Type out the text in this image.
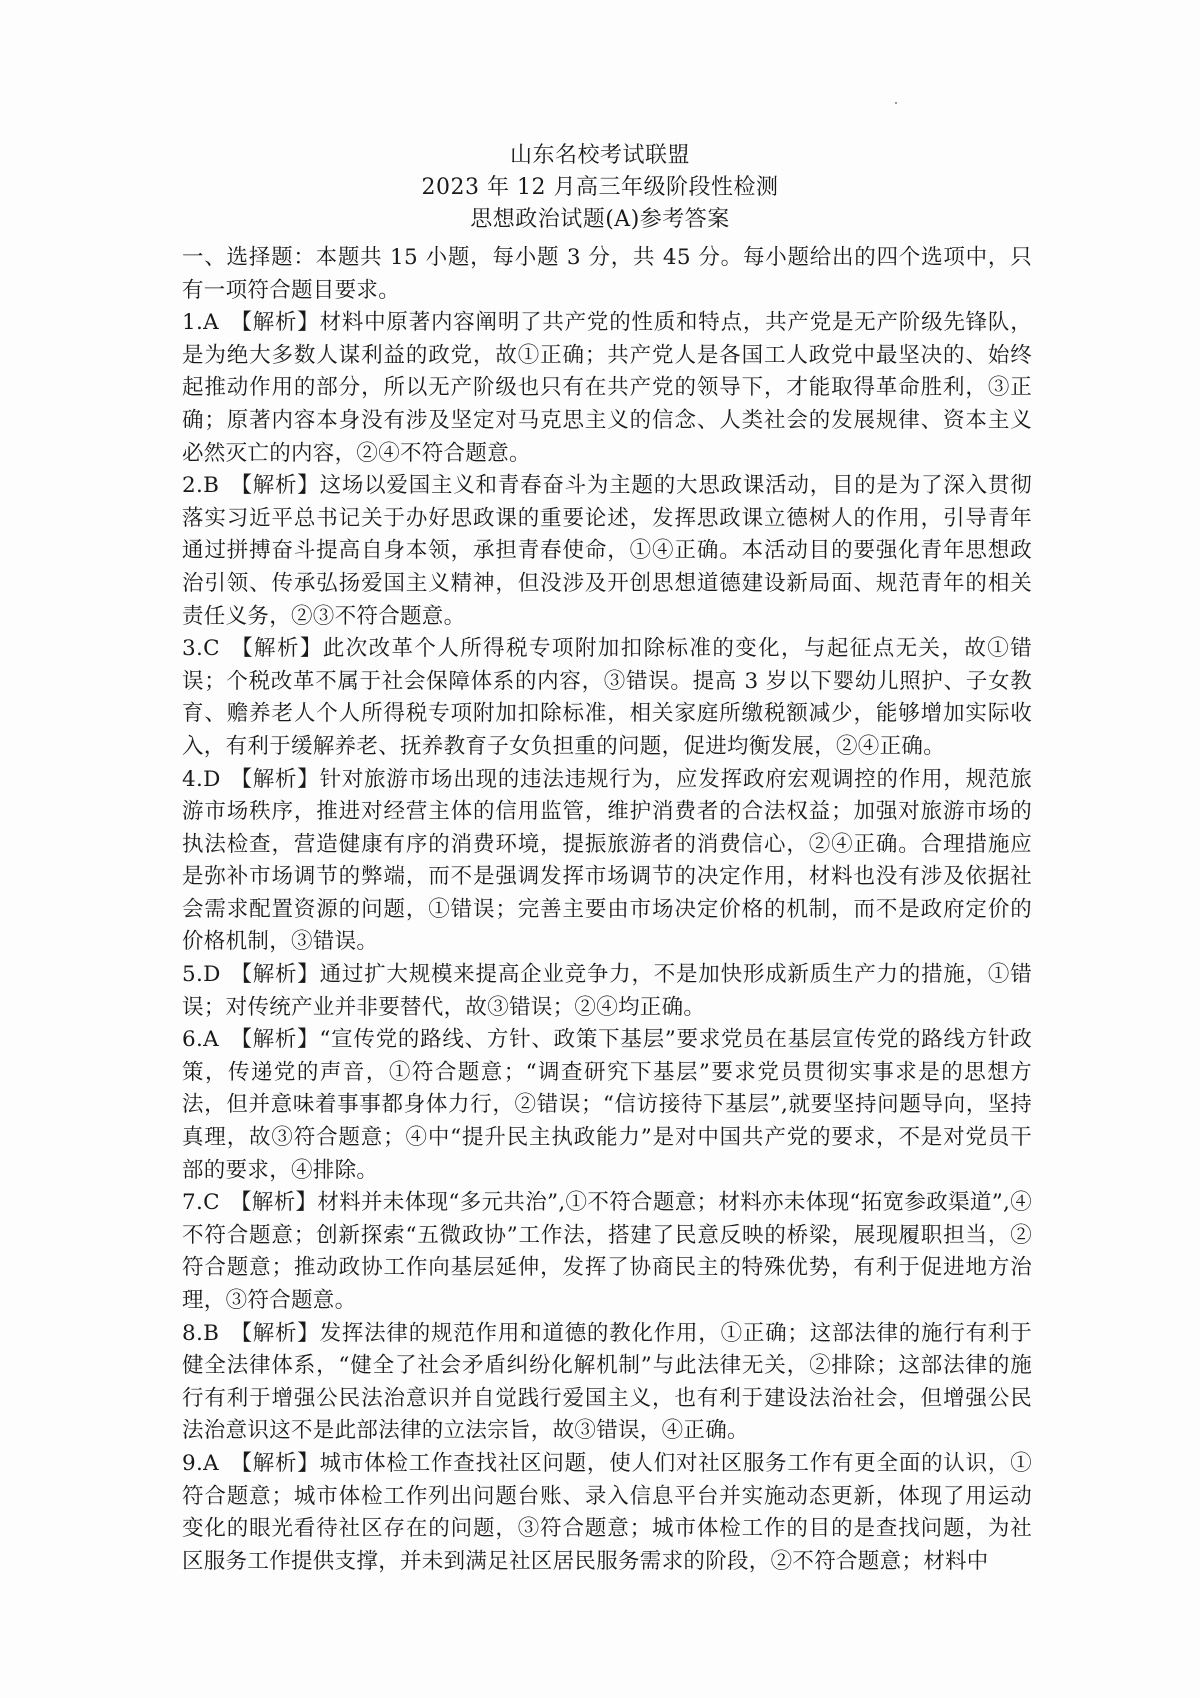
山东名校考试联盟
2023 年 12 月高三年级阶段性检测
思想政治试题(A)参考答案

一、选择题：本题共 15 小题，每小题 3 分，共 45 分。每小题给出的四个选项中，只有一项符合题目要求。

1.A 【解析】材料中原著内容阐明了共产党的性质和特点，共产党是无产阶级先锋队，是为绝大多数人谋利益的政党，故①正确；共产党人是各国工人政党中最坚决的、始终起推动作用的部分，所以无产阶级也只有在共产党的领导下，才能取得革命胜利，③正确；原著内容本身没有涉及坚定对马克思主义的信念、人类社会的发展规律、资本主义必然灭亡的内容，②④不符合题意。

2.B 【解析】这场以爱国主义和青春奋斗为主题的大思政课活动，目的是为了深入贯彻落实习近平总书记关于办好思政课的重要论述，发挥思政课立德树人的作用，引导青年通过拼搏奋斗提高自身本领，承担青春使命，①④正确。本活动目的要强化青年思想政治引领、传承弘扬爱国主义精神，但没涉及开创思想道德建设新局面、规范青年的相关责任义务，②③不符合题意。

3.C 【解析】此次改革个人所得税专项附加扣除标准的变化，与起征点无关，故①错误；个税改革不属于社会保障体系的内容，③错误。提高 3 岁以下婴幼儿照护、子女教育、赡养老人个人所得税专项附加扣除标准，相关家庭所缴税额减少，能够增加实际收入，有利于缓解养老、抚养教育子女负担重的问题，促进均衡发展，②④正确。

4.D 【解析】针对旅游市场出现的违法违规行为，应发挥政府宏观调控的作用，规范旅游市场秩序，推进对经营主体的信用监管，维护消费者的合法权益；加强对旅游市场的执法检查，营造健康有序的消费环境，提振旅游者的消费信心，②④正确。合理措施应是弥补市场调节的弊端，而不是强调发挥市场调节的决定作用，材料也没有涉及依据社会需求配置资源的问题，①错误；完善主要由市场决定价格的机制，而不是政府定价的价格机制，③错误。

5.D 【解析】通过扩大规模来提高企业竞争力，不是加快形成新质生产力的措施，①错误；对传统产业并非要替代，故③错误；②④均正确。

6.A 【解析】“宣传党的路线、方针、政策下基层”要求党员在基层宣传党的路线方针政策，传递党的声音，①符合题意；“调查研究下基层”要求党员贯彻实事求是的思想方法，但并意味着事事都身体力行，②错误；“信访接待下基层”,就要坚持问题导向，坚持真理，故③符合题意；④中“提升民主执政能力”是对中国共产党的要求，不是对党员干部的要求，④排除。

7.C 【解析】材料并未体现“多元共治”,①不符合题意；材料亦未体现“拓宽参政渠道”,④不符合题意；创新探索“五微政协”工作法，搭建了民意反映的桥梁，展现履职担当，②符合题意；推动政协工作向基层延伸，发挥了协商民主的特殊优势，有利于促进地方治理，③符合题意。

8.B 【解析】发挥法律的规范作用和道德的教化作用，①正确；这部法律的施行有利于健全法律体系，“健全了社会矛盾纠纷化解机制”与此法律无关，②排除；这部法律的施行有利于增强公民法治意识并自觉践行爱国主义，也有利于建设法治社会，但增强公民法治意识这不是此部法律的立法宗旨，故③错误，④正确。

9.A 【解析】城市体检工作查找社区问题，使人们对社区服务工作有更全面的认识，①符合题意；城市体检工作列出问题台账、录入信息平台并实施动态更新，体现了用运动变化的眼光看待社区存在的问题，③符合题意；城市体检工作的目的是查找问题，为社区服务工作提供支撑，并未到满足社区居民服务需求的阶段，②不符合题意；材料中
